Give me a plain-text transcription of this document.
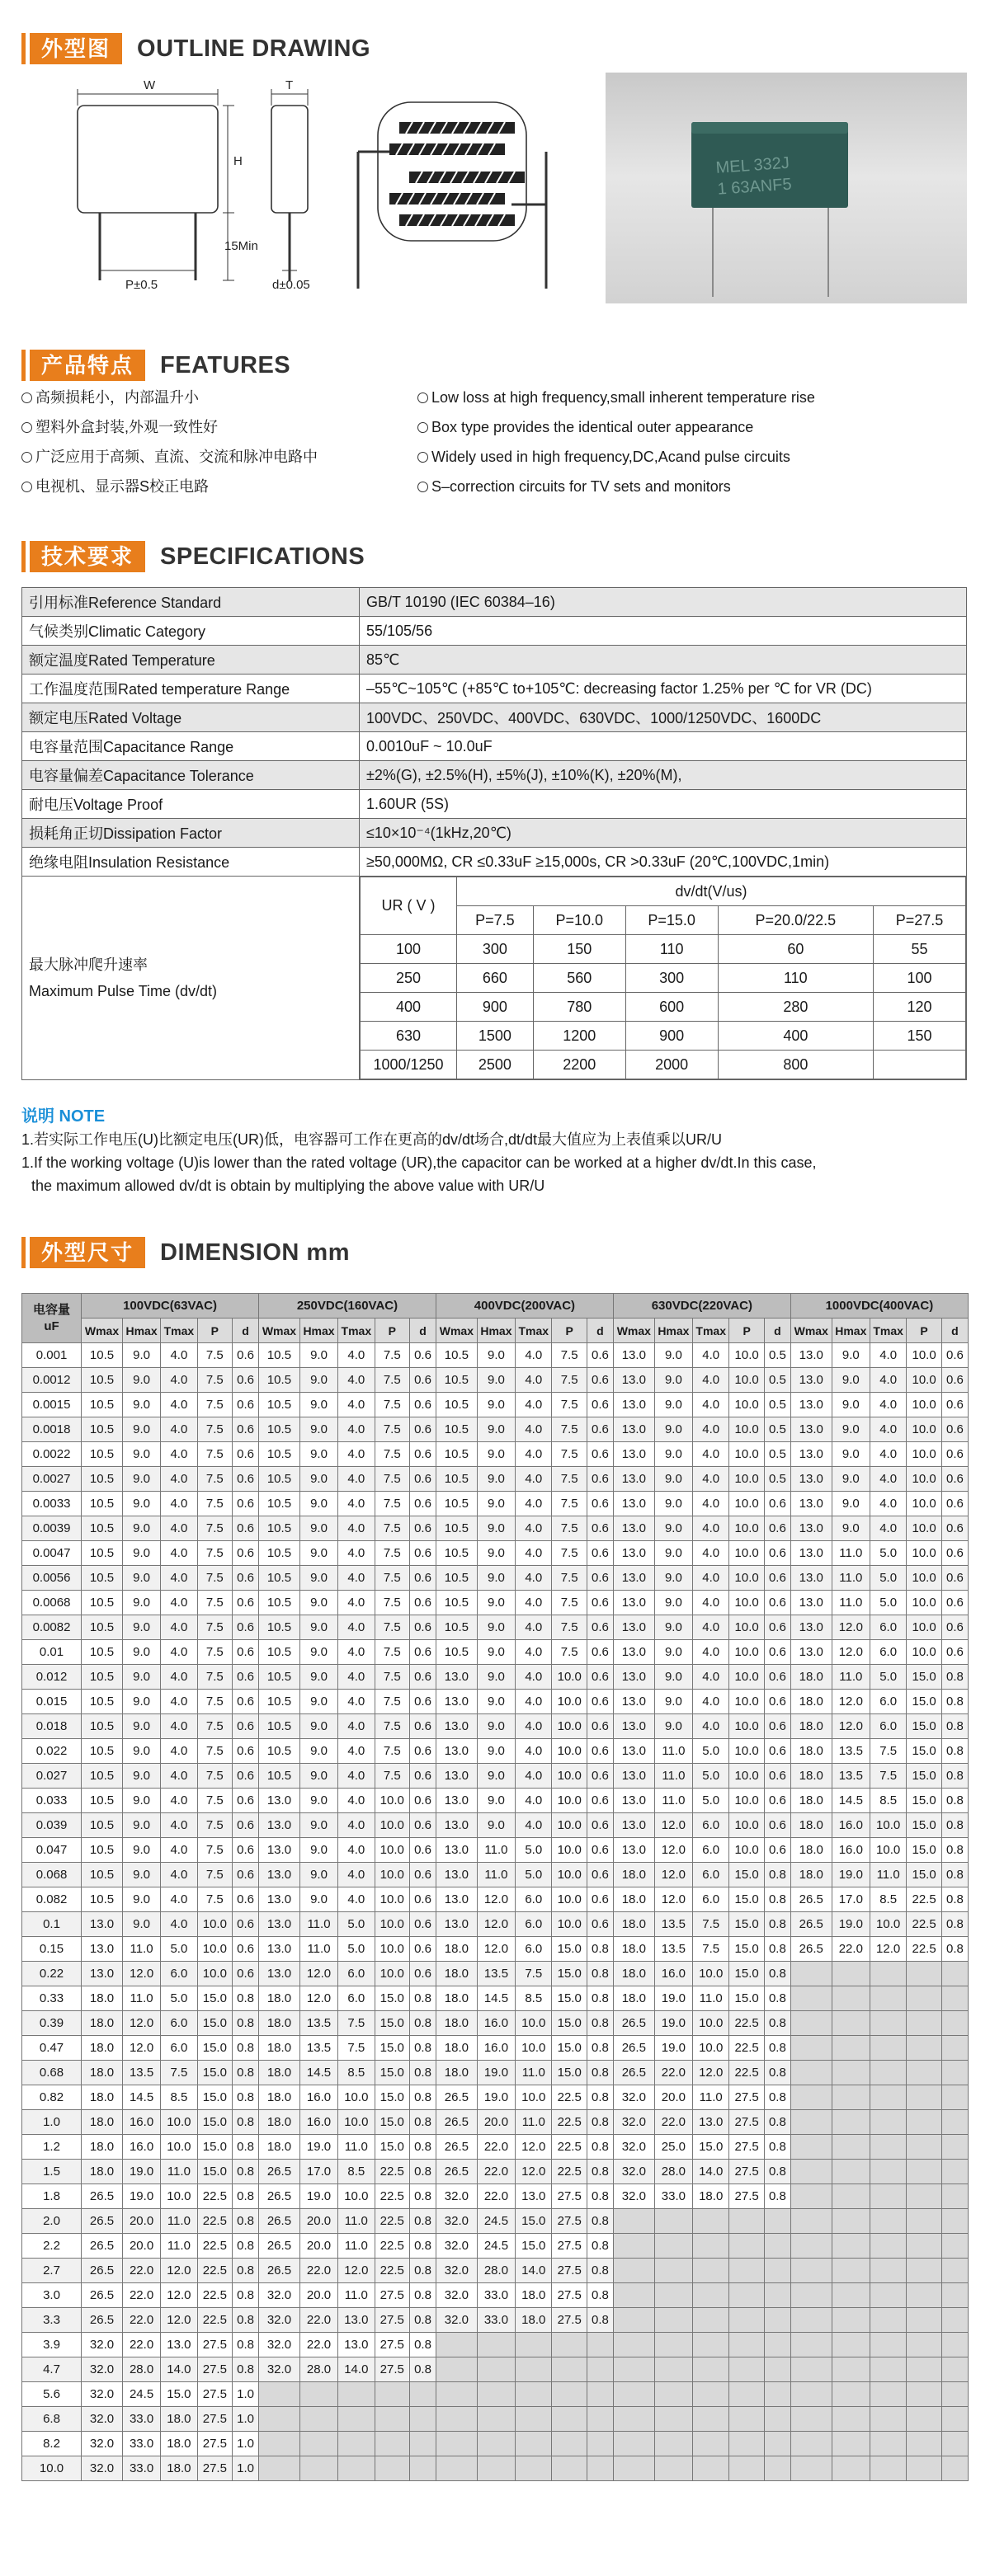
外型图	OUTLINE DRAWING
W
H
T
15Min
P±0.5	d±0.05
MEL 332J
1 63ANF5
产品特点	FEATURES
高频损耗小，内部温升小
塑料外盒封装,外观一致性好
广泛应用于高频、直流、交流和脉冲电路中
电视机、显示器S校正电路
Low loss at high frequency,small inherent temperature rise
Box type provides the identical outer appearance
Widely used in high frequency,DC,Acand pulse circuits
S–correction circuits for TV sets and monitors
技术要求	SPECIFICATIONS
引用标准Reference Standard	GB/T 10190 (IEC 60384–16)
气候类别Climatic Category	55/105/56
额定温度Rated Temperature	85℃
工作温度范围Rated temperature Range	–55℃~105℃ (+85℃ to+105℃: decreasing factor 1.25% per ℃ for VR (DC)
额定电压Rated Voltage	100VDC、250VDC、400VDC、630VDC、1000/1250VDC、1600DC
电容量范围Capacitance Range	0.0010uF ~ 10.0uF
电容量偏差Capacitance Tolerance	±2%(G), ±2.5%(H), ±5%(J), ±10%(K), ±20%(M),
耐电压Voltage Proof	1.60UR (5S)
损耗角正切Dissipation Factor	≤10×10⁻⁴(1kHz,20℃)
绝缘电阻Insulation Resistance	≥50,000MΩ, CR ≤0.33uF ≥15,000s, CR >0.33uF (20℃,100VDC,1min)

最大脉冲爬升速率
Maximum Pulse Time (dv/dt)

UR ( V )	dv/dt(V/us)
P=7.5	P=10.0	P=15.0	P=20.0/22.5	P=27.5
100	300	150	110	60	55
250	660	560	300	110	100
400	900	780	600	280	120
630	1500	1200	900	400	150
1000/1250	2500	2200	2000	800	
说明 NOTE
1.若实际工作电压(U)比额定电压(UR)低，电容器可工作在更高的dv/dt场合,dt/dt最大值应为上表值乘以UR/U
1.If the working voltage (U)is lower than the rated voltage (UR),the capacitor can be worked at a higher dv/dt.In this case,
the maximum allowed dv/dt is obtain by multiplying the above value with UR/U
外型尺寸	DIMENSION mm
电容量
uF	100VDC(63VAC)					250VDC(160VAC)					400VDC(200VAC)					630VDC(220VAC)					1000VDC(400VAC)				
	Wmax	Hmax	Tmax	P	d	Wmax	Hmax	Tmax	P	d	Wmax	Hmax	Tmax	P	d	Wmax	Hmax	Tmax	P	d	Wmax	Hmax	Tmax	P	d
0.001	10.5	9.0	4.0	7.5	0.6	10.5	9.0	4.0	7.5	0.6	10.5	9.0	4.0	7.5	0.6	13.0	9.0	4.0	10.0	0.5	13.0	9.0	4.0	10.0	0.6
0.0012	10.5	9.0	4.0	7.5	0.6	10.5	9.0	4.0	7.5	0.6	10.5	9.0	4.0	7.5	0.6	13.0	9.0	4.0	10.0	0.5	13.0	9.0	4.0	10.0	0.6
0.0015	10.5	9.0	4.0	7.5	0.6	10.5	9.0	4.0	7.5	0.6	10.5	9.0	4.0	7.5	0.6	13.0	9.0	4.0	10.0	0.5	13.0	9.0	4.0	10.0	0.6
0.0018	10.5	9.0	4.0	7.5	0.6	10.5	9.0	4.0	7.5	0.6	10.5	9.0	4.0	7.5	0.6	13.0	9.0	4.0	10.0	0.5	13.0	9.0	4.0	10.0	0.6
0.0022	10.5	9.0	4.0	7.5	0.6	10.5	9.0	4.0	7.5	0.6	10.5	9.0	4.0	7.5	0.6	13.0	9.0	4.0	10.0	0.5	13.0	9.0	4.0	10.0	0.6
0.0027	10.5	9.0	4.0	7.5	0.6	10.5	9.0	4.0	7.5	0.6	10.5	9.0	4.0	7.5	0.6	13.0	9.0	4.0	10.0	0.5	13.0	9.0	4.0	10.0	0.6
0.0033	10.5	9.0	4.0	7.5	0.6	10.5	9.0	4.0	7.5	0.6	10.5	9.0	4.0	7.5	0.6	13.0	9.0	4.0	10.0	0.6	13.0	9.0	4.0	10.0	0.6
0.0039	10.5	9.0	4.0	7.5	0.6	10.5	9.0	4.0	7.5	0.6	10.5	9.0	4.0	7.5	0.6	13.0	9.0	4.0	10.0	0.6	13.0	9.0	4.0	10.0	0.6
0.0047	10.5	9.0	4.0	7.5	0.6	10.5	9.0	4.0	7.5	0.6	10.5	9.0	4.0	7.5	0.6	13.0	9.0	4.0	10.0	0.6	13.0	11.0	5.0	10.0	0.6
0.0056	10.5	9.0	4.0	7.5	0.6	10.5	9.0	4.0	7.5	0.6	10.5	9.0	4.0	7.5	0.6	13.0	9.0	4.0	10.0	0.6	13.0	11.0	5.0	10.0	0.6
0.0068	10.5	9.0	4.0	7.5	0.6	10.5	9.0	4.0	7.5	0.6	10.5	9.0	4.0	7.5	0.6	13.0	9.0	4.0	10.0	0.6	13.0	11.0	5.0	10.0	0.6
0.0082	10.5	9.0	4.0	7.5	0.6	10.5	9.0	4.0	7.5	0.6	10.5	9.0	4.0	7.5	0.6	13.0	9.0	4.0	10.0	0.6	13.0	12.0	6.0	10.0	0.6
0.01	10.5	9.0	4.0	7.5	0.6	10.5	9.0	4.0	7.5	0.6	10.5	9.0	4.0	7.5	0.6	13.0	9.0	4.0	10.0	0.6	13.0	12.0	6.0	10.0	0.6
0.012	10.5	9.0	4.0	7.5	0.6	10.5	9.0	4.0	7.5	0.6	13.0	9.0	4.0	10.0	0.6	13.0	9.0	4.0	10.0	0.6	18.0	11.0	5.0	15.0	0.8
0.015	10.5	9.0	4.0	7.5	0.6	10.5	9.0	4.0	7.5	0.6	13.0	9.0	4.0	10.0	0.6	13.0	9.0	4.0	10.0	0.6	18.0	12.0	6.0	15.0	0.8
0.018	10.5	9.0	4.0	7.5	0.6	10.5	9.0	4.0	7.5	0.6	13.0	9.0	4.0	10.0	0.6	13.0	9.0	4.0	10.0	0.6	18.0	12.0	6.0	15.0	0.8
0.022	10.5	9.0	4.0	7.5	0.6	10.5	9.0	4.0	7.5	0.6	13.0	9.0	4.0	10.0	0.6	13.0	11.0	5.0	10.0	0.6	18.0	13.5	7.5	15.0	0.8
0.027	10.5	9.0	4.0	7.5	0.6	10.5	9.0	4.0	7.5	0.6	13.0	9.0	4.0	10.0	0.6	13.0	11.0	5.0	10.0	0.6	18.0	13.5	7.5	15.0	0.8
0.033	10.5	9.0	4.0	7.5	0.6	13.0	9.0	4.0	10.0	0.6	13.0	9.0	4.0	10.0	0.6	13.0	11.0	5.0	10.0	0.6	18.0	14.5	8.5	15.0	0.8
0.039	10.5	9.0	4.0	7.5	0.6	13.0	9.0	4.0	10.0	0.6	13.0	9.0	4.0	10.0	0.6	13.0	12.0	6.0	10.0	0.6	18.0	16.0	10.0	15.0	0.8
0.047	10.5	9.0	4.0	7.5	0.6	13.0	9.0	4.0	10.0	0.6	13.0	11.0	5.0	10.0	0.6	13.0	12.0	6.0	10.0	0.6	18.0	16.0	10.0	15.0	0.8
0.068	10.5	9.0	4.0	7.5	0.6	13.0	9.0	4.0	10.0	0.6	13.0	11.0	5.0	10.0	0.6	18.0	12.0	6.0	15.0	0.8	18.0	19.0	11.0	15.0	0.8
0.082	10.5	9.0	4.0	7.5	0.6	13.0	9.0	4.0	10.0	0.6	13.0	12.0	6.0	10.0	0.6	18.0	12.0	6.0	15.0	0.8	26.5	17.0	8.5	22.5	0.8
0.1	13.0	9.0	4.0	10.0	0.6	13.0	11.0	5.0	10.0	0.6	13.0	12.0	6.0	10.0	0.6	18.0	13.5	7.5	15.0	0.8	26.5	19.0	10.0	22.5	0.8
0.15	13.0	11.0	5.0	10.0	0.6	13.0	11.0	5.0	10.0	0.6	18.0	12.0	6.0	15.0	0.8	18.0	13.5	7.5	15.0	0.8	26.5	22.0	12.0	22.5	0.8
0.22	13.0	12.0	6.0	10.0	0.6	13.0	12.0	6.0	10.0	0.6	18.0	13.5	7.5	15.0	0.8	18.0	16.0	10.0	15.0	0.8					
0.33	18.0	11.0	5.0	15.0	0.8	18.0	12.0	6.0	15.0	0.8	18.0	14.5	8.5	15.0	0.8	18.0	19.0	11.0	15.0	0.8					
0.39	18.0	12.0	6.0	15.0	0.8	18.0	13.5	7.5	15.0	0.8	18.0	16.0	10.0	15.0	0.8	26.5	19.0	10.0	22.5	0.8					
0.47	18.0	12.0	6.0	15.0	0.8	18.0	13.5	7.5	15.0	0.8	18.0	16.0	10.0	15.0	0.8	26.5	19.0	10.0	22.5	0.8					
0.68	18.0	13.5	7.5	15.0	0.8	18.0	14.5	8.5	15.0	0.8	18.0	19.0	11.0	15.0	0.8	26.5	22.0	12.0	22.5	0.8					
0.82	18.0	14.5	8.5	15.0	0.8	18.0	16.0	10.0	15.0	0.8	26.5	19.0	10.0	22.5	0.8	32.0	20.0	11.0	27.5	0.8					
1.0	18.0	16.0	10.0	15.0	0.8	18.0	16.0	10.0	15.0	0.8	26.5	20.0	11.0	22.5	0.8	32.0	22.0	13.0	27.5	0.8					
1.2	18.0	16.0	10.0	15.0	0.8	18.0	19.0	11.0	15.0	0.8	26.5	22.0	12.0	22.5	0.8	32.0	25.0	15.0	27.5	0.8					
1.5	18.0	19.0	11.0	15.0	0.8	26.5	17.0	8.5	22.5	0.8	26.5	22.0	12.0	22.5	0.8	32.0	28.0	14.0	27.5	0.8					
1.8	26.5	19.0	10.0	22.5	0.8	26.5	19.0	10.0	22.5	0.8	32.0	22.0	13.0	27.5	0.8	32.0	33.0	18.0	27.5	0.8					
2.0	26.5	20.0	11.0	22.5	0.8	26.5	20.0	11.0	22.5	0.8	32.0	24.5	15.0	27.5	0.8										
2.2	26.5	20.0	11.0	22.5	0.8	26.5	20.0	11.0	22.5	0.8	32.0	24.5	15.0	27.5	0.8										
2.7	26.5	22.0	12.0	22.5	0.8	26.5	22.0	12.0	22.5	0.8	32.0	28.0	14.0	27.5	0.8										
3.0	26.5	22.0	12.0	22.5	0.8	32.0	20.0	11.0	27.5	0.8	32.0	33.0	18.0	27.5	0.8										
3.3	26.5	22.0	12.0	22.5	0.8	32.0	22.0	13.0	27.5	0.8	32.0	33.0	18.0	27.5	0.8										
3.9	32.0	22.0	13.0	27.5	0.8	32.0	22.0	13.0	27.5	0.8															
4.7	32.0	28.0	14.0	27.5	0.8	32.0	28.0	14.0	27.5	0.8															
5.6	32.0	24.5	15.0	27.5	1.0																				
6.8	32.0	33.0	18.0	27.5	1.0																				
8.2	32.0	33.0	18.0	27.5	1.0																				
10.0	32.0	33.0	18.0	27.5	1.0																				
